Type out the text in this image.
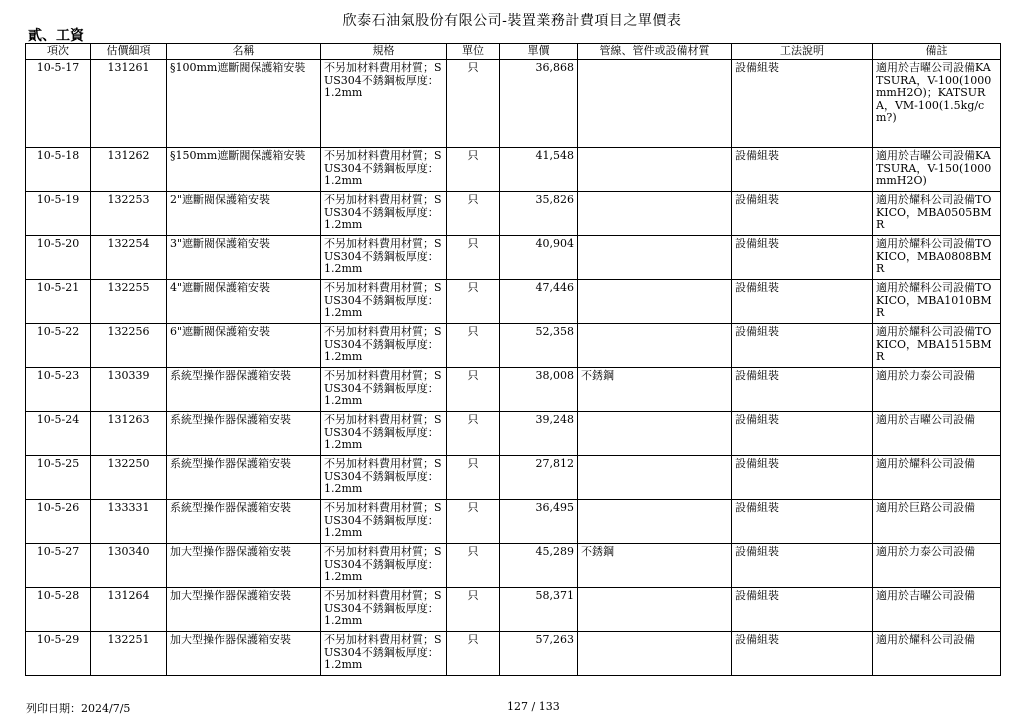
欣泰石油氣股份有限公司-裝置業務計費項目之單價表
貳、工資
項次	估價細項	名稱	規格	單位	單價	管線、管件或設備材質	工法說明	備註
10-5-17	131261	§100mm遮斷閥保護箱安裝	不另加材料費用材質；SUS304不銹鋼板厚度：1.2mm	只	36,868		設備組裝	適用於吉曜公司設備KATSURA，V-100(1000mmH2O)；KATSURA，VM-100(1.5kg/cm?)
10-5-18	131262	§150mm遮斷閥保護箱安裝	不另加材料費用材質；SUS304不銹鋼板厚度：1.2mm	只	41,548		設備組裝	適用於吉曜公司設備KATSURA，V-150(1000mmH2O)
10-5-19	132253	2"遮斷閥保護箱安裝	不另加材料費用材質；SUS304不銹鋼板厚度：1.2mm	只	35,826		設備組裝	適用於耀科公司設備TOKICO，MBA0505BMR
10-5-20	132254	3"遮斷閥保護箱安裝	不另加材料費用材質；SUS304不銹鋼板厚度：1.2mm	只	40,904		設備組裝	適用於耀科公司設備TOKICO，MBA0808BMR
10-5-21	132255	4"遮斷閥保護箱安裝	不另加材料費用材質；SUS304不銹鋼板厚度：1.2mm	只	47,446		設備組裝	適用於耀科公司設備TOKICO，MBA1010BMR
10-5-22	132256	6"遮斷閥保護箱安裝	不另加材料費用材質；SUS304不銹鋼板厚度：1.2mm	只	52,358		設備組裝	適用於耀科公司設備TOKICO，MBA1515BMR
10-5-23	130339	系統型操作器保護箱安裝	不另加材料費用材質；SUS304不銹鋼板厚度：1.2mm	只	38,008	不銹鋼	設備組裝	適用於力泰公司設備
10-5-24	131263	系統型操作器保護箱安裝	不另加材料費用材質；SUS304不銹鋼板厚度：1.2mm	只	39,248		設備組裝	適用於吉曜公司設備
10-5-25	132250	系統型操作器保護箱安裝	不另加材料費用材質；SUS304不銹鋼板厚度：1.2mm	只	27,812		設備組裝	適用於耀科公司設備
10-5-26	133331	系統型操作器保護箱安裝	不另加材料費用材質；SUS304不銹鋼板厚度：1.2mm	只	36,495		設備組裝	適用於巨路公司設備
10-5-27	130340	加大型操作器保護箱安裝	不另加材料費用材質；SUS304不銹鋼板厚度：1.2mm	只	45,289	不銹鋼	設備組裝	適用於力泰公司設備
10-5-28	131264	加大型操作器保護箱安裝	不另加材料費用材質；SUS304不銹鋼板厚度：1.2mm	只	58,371		設備組裝	適用於吉曜公司設備
10-5-29	132251	加大型操作器保護箱安裝	不另加材料費用材質；SUS304不銹鋼板厚度：1.2mm	只	57,263		設備組裝	適用於耀科公司設備
列印日期：2024/7/5	127 / 133
